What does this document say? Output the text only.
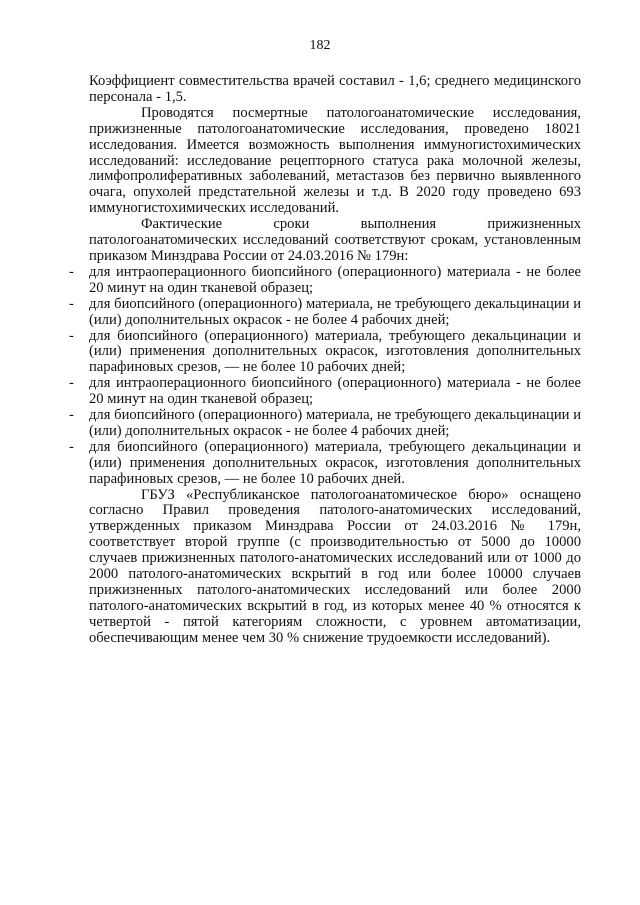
182

Коэффициент совместительства врачей составил - 1,6; среднего медицинского персонала - 1,5.

Проводятся посмертные патологоанатомические исследования, прижизненные патологоанатомические исследования, проведено 18021 исследования. Имеется возможность выполнения иммуногистохимических исследований: исследование рецепторного статуса рака молочной железы, лимфопролиферативных заболеваний, метастазов без первично выявленного очага, опухолей предстательной железы и т.д. В 2020 году проведено 693 иммуногистохимических исследований.

Фактические сроки выполнения прижизненных патологоанатомических исследований соответствуют срокам, установленным приказом Минздрава России от 24.03.2016 № 179н:

- для интраоперационного биопсийного (операционного) материала - не более 20 минут на один тканевой образец;
- для биопсийного (операционного) материала, не требующего декальцинации и (или) дополнительных окрасок - не более 4 рабочих дней;
- для биопсийного (операционного) материала, требующего декальцинации и (или) применения дополнительных окрасок, изготовления дополнительных парафиновых срезов, — не более 10 рабочих дней;
- для интраоперационного биопсийного (операционного) материала - не более 20 минут на один тканевой образец;
- для биопсийного (операционного) материала, не требующего декальцинации и (или) дополнительных окрасок - не более 4 рабочих дней;
- для биопсийного (операционного) материала, требующего декальцинации и (или) применения дополнительных окрасок, изготовления дополнительных парафиновых срезов, — не более 10 рабочих дней.

ГБУЗ «Республиканское патологоанатомическое бюро» оснащено согласно Правил проведения патолого-анатомических исследований, утвержденных приказом Минздрава России от 24.03.2016 № 179н, соответствует второй группе (с производительностью от 5000 до 10000 случаев прижизненных патолого-анатомических исследований или от 1000 до 2000 патолого-анатомических вскрытий в год или более 10000 случаев прижизненных патолого-анатомических исследований или более 2000 патолого-анатомических вскрытий в год, из которых менее 40 % относятся к четвертой - пятой категориям сложности, с уровнем автоматизации, обеспечивающим менее чем 30 % снижение трудоемкости исследований).
